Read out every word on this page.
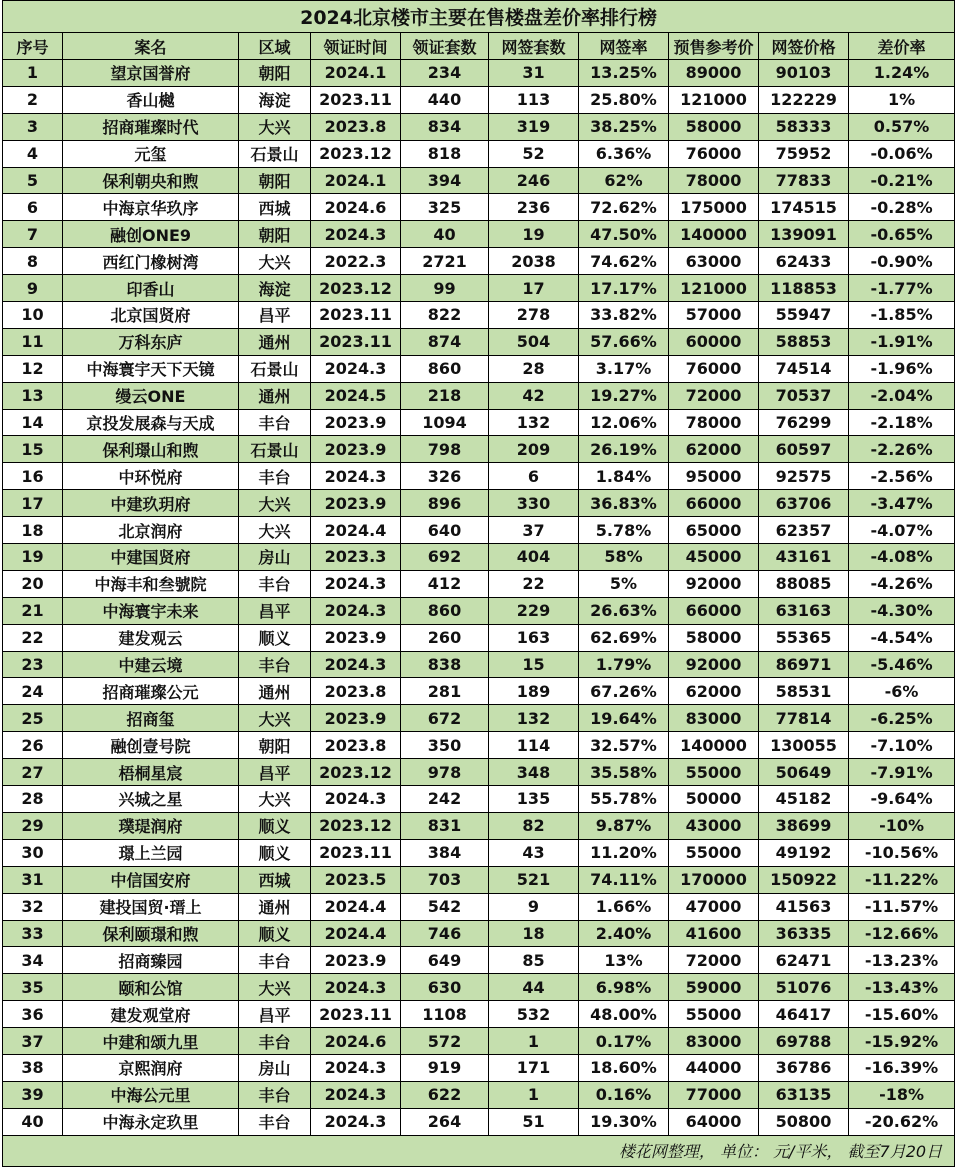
2024北京楼市主要在售楼盘差价率排行榜									
序号	案名	区域	领证时间	领证套数	网签套数	网签率	预售参考价	网签价格	差价率
1	望京国誉府	朝阳	2024.1	234	31	13.25%	89000	90103	1.24%
2	香山樾	海淀	2023.11	440	113	25.80%	121000	122229	1%
3	招商璀璨时代	大兴	2023.8	834	319	38.25%	58000	58333	0.57%
4	元玺	石景山	2023.12	818	52	6.36%	76000	75952	-0.06%
5	保利朝央和煦	朝阳	2024.1	394	246	62%	78000	77833	-0.21%
6	中海京华玖序	西城	2024.6	325	236	72.62%	175000	174515	-0.28%
7	融创ONE9	朝阳	2024.3	40	19	47.50%	140000	139091	-0.65%
8	西红门橡树湾	大兴	2022.3	2721	2038	74.62%	63000	62433	-0.90%
9	印香山	海淀	2023.12	99	17	17.17%	121000	118853	-1.77%
10	北京国贤府	昌平	2023.11	822	278	33.82%	57000	55947	-1.85%
11	万科东庐	通州	2023.11	874	504	57.66%	60000	58853	-1.91%
12	中海寰宇天下天镜	石景山	2024.3	860	28	3.17%	76000	74514	-1.96%
13	缦云ONE	通州	2024.5	218	42	19.27%	72000	70537	-2.04%
14	京投发展森与天成	丰台	2023.9	1094	132	12.06%	78000	76299	-2.18%
15	保利璟山和煦	石景山	2023.9	798	209	26.19%	62000	60597	-2.26%
16	中环悦府	丰台	2024.3	326	6	1.84%	95000	92575	-2.56%
17	中建玖玥府	大兴	2023.9	896	330	36.83%	66000	63706	-3.47%
18	北京润府	大兴	2024.4	640	37	5.78%	65000	62357	-4.07%
19	中建国贤府	房山	2023.3	692	404	58%	45000	43161	-4.08%
20	中海丰和叁號院	丰台	2024.3	412	22	5%	92000	88085	-4.26%
21	中海寰宇未来	昌平	2024.3	860	229	26.63%	66000	63163	-4.30%
22	建发观云	顺义	2023.9	260	163	62.69%	58000	55365	-4.54%
23	中建云境	丰台	2024.3	838	15	1.79%	92000	86971	-5.46%
24	招商璀璨公元	通州	2023.8	281	189	67.26%	62000	58531	-6%
25	招商玺	大兴	2023.9	672	132	19.64%	83000	77814	-6.25%
26	融创壹号院	朝阳	2023.8	350	114	32.57%	140000	130055	-7.10%
27	梧桐星宸	昌平	2023.12	978	348	35.58%	55000	50649	-7.91%
28	兴城之星	大兴	2024.3	242	135	55.78%	50000	45182	-9.64%
29	璞瑅润府	顺义	2023.12	831	82	9.87%	43000	38699	-10%
30	璟上兰园	顺义	2023.11	384	43	11.20%	55000	49192	-10.56%
31	中信国安府	西城	2023.5	703	521	74.11%	170000	150922	-11.22%
32	建投国贸·瑨上	通州	2024.4	542	9	1.66%	47000	41563	-11.57%
33	保利颐璟和煦	顺义	2024.4	746	18	2.40%	41600	36335	-12.66%
34	招商臻园	丰台	2023.9	649	85	13%	72000	62471	-13.23%
35	颐和公馆	大兴	2024.3	630	44	6.98%	59000	51076	-13.43%
36	建发观堂府	昌平	2023.11	1108	532	48.00%	55000	46417	-15.60%
37	中建和颂九里	丰台	2024.6	572	1	0.17%	83000	69788	-15.92%
38	京熙润府	房山	2024.3	919	171	18.60%	44000	36786	-16.39%
39	中海公元里	丰台	2024.3	622	1	0.16%	77000	63135	-18%
40	中海永定玖里	丰台	2024.3	264	51	19.30%	64000	50800	-20.62%
楼花网整理， 单位： 元/平米， 截至7月20日									
